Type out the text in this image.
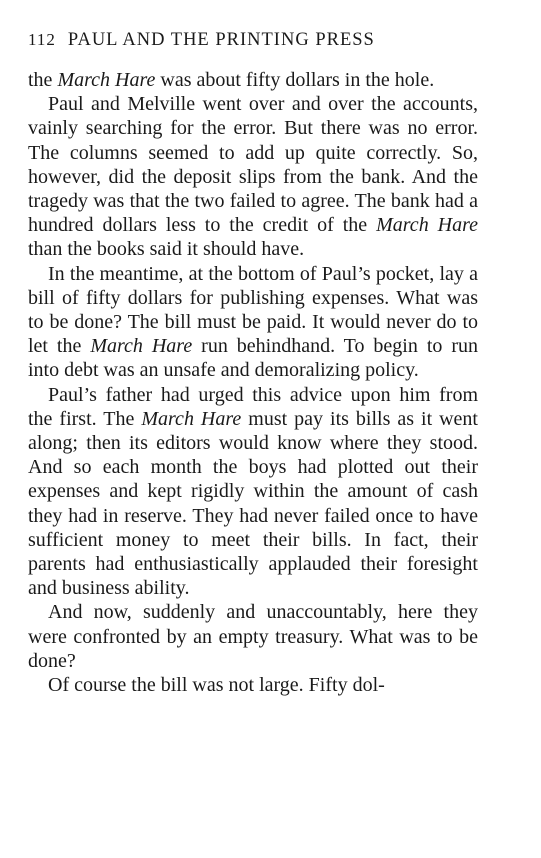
112 PAUL AND THE PRINTING PRESS

the March Hare was about fifty dollars in the hole.

Paul and Melville went over and over the accounts, vainly searching for the error. But there was no error. The columns seemed to add up quite correctly. So, however, did the deposit slips from the bank. And the tragedy was that the two failed to agree. The bank had a hundred dollars less to the credit of the March Hare than the books said it should have.

In the meantime, at the bottom of Paul’s pocket, lay a bill of fifty dollars for publishing expenses. What was to be done? The bill must be paid. It would never do to let the March Hare run behindhand. To begin to run into debt was an unsafe and demoralizing policy.

Paul’s father had urged this advice upon him from the first. The March Hare must pay its bills as it went along; then its editors would know where they stood. And so each month the boys had plotted out their expenses and kept rigidly within the amount of cash they had in reserve. They had never failed once to have sufficient money to meet their bills. In fact, their parents had enthusiastically applauded their foresight and business ability.

And now, suddenly and unaccountably, here they were confronted by an empty treasury. What was to be done?

Of course the bill was not large. Fifty dol-
